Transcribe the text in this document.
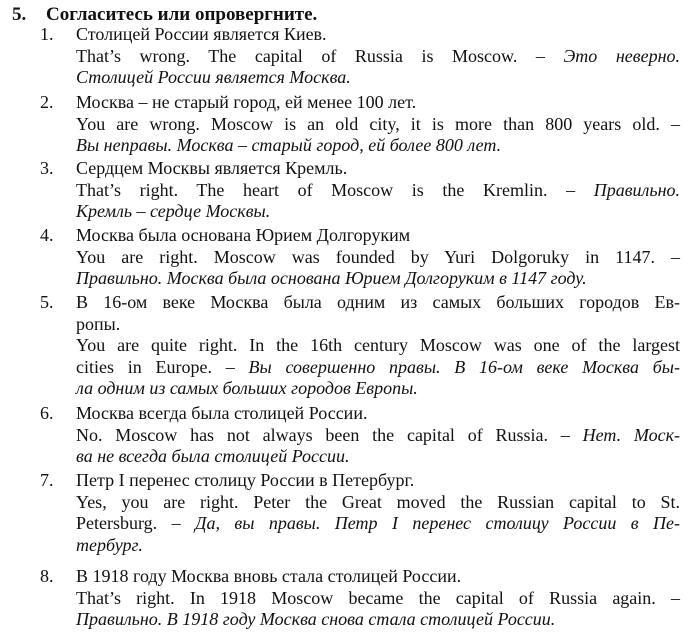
5. Согласитесь или опровергните.
1. Столицей России является Киев.
That’s wrong. The capital of Russia is Moscow. – Это неверно.
Столицей России является Москва.
2. Москва – не старый город, ей менее 100 лет.
You are wrong. Moscow is an old city, it is more than 800 years old. –
Вы неправы. Москва – старый город, ей более 800 лет.
3. Сердцем Москвы является Кремль.
That’s right. The heart of Moscow is the Kremlin. – Правильно.
Кремль – сердце Москвы.
4. Москва была основана Юрием Долгоруким
You are right. Moscow was founded by Yuri Dolgoruky in 1147. –
Правильно. Москва была основана Юрием Долгоруким в 1147 году.
5. В 16-ом веке Москва была одним из самых больших городов Ев-
ропы.
You are quite right. In the 16th century Moscow was one of the largest
cities in Europe. – Вы совершенно правы. В 16-ом веке Москва бы-
ла одним из самых больших городов Европы.
6. Москва всегда была столицей России.
No. Moscow has not always been the capital of Russia. – Нет. Моск-
ва не всегда была столицей России.
7. Петр I перенес столицу России в Петербург.
Yes, you are right. Peter the Great moved the Russian capital to St.
Petersburg. – Да, вы правы. Петр I перенес столицу России в Пе-
тербург.
8. В 1918 году Москва вновь стала столицей России.
That’s right. In 1918 Moscow became the capital of Russia again. –
Правильно. В 1918 году Москва снова стала столицей России.
